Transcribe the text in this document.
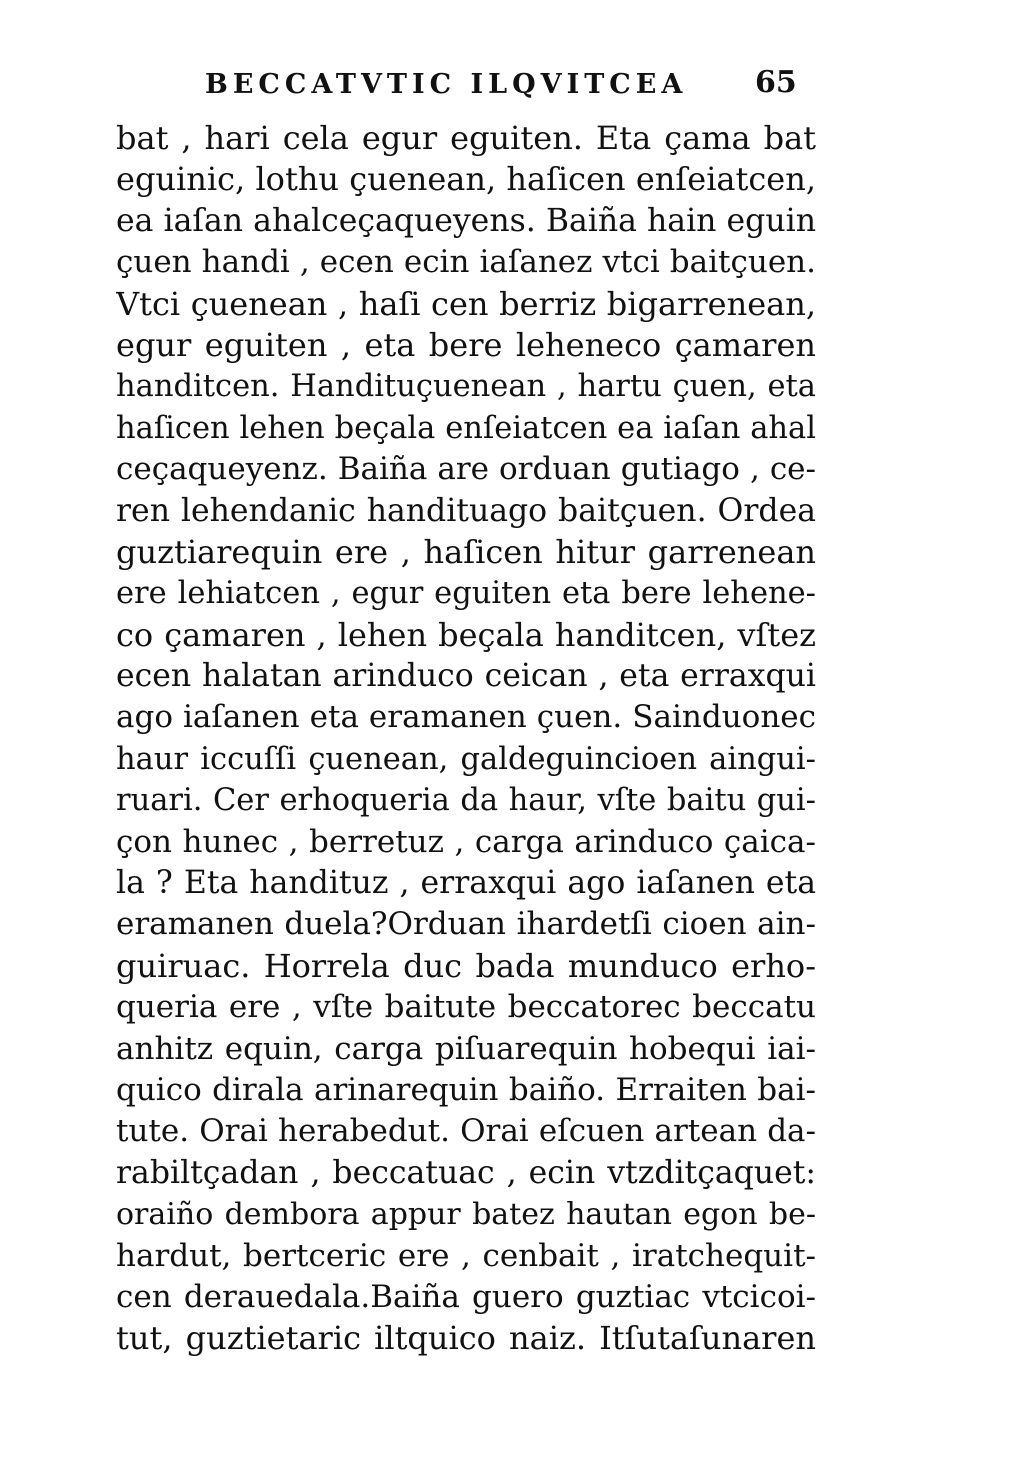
BECCATVTIC ILQVITCEA 65
bat , hari cela egur eguiten. Eta çama bat
eguinic, lothu çuenean, haſicen enſeiatcen,
ea iaſan ahalceçaqueyens. Baiña hain eguin
çuen handi , ecen ecin iaſanez vtci baitçuen.
Vtci çuenean , haſi cen berriz bigarrenean,
egur eguiten , eta bere leheneco çamaren
handitcen. Handituçuenean , hartu çuen, eta
haſicen lehen beçala enſeiatcen ea iaſan ahal
ceçaqueyenz. Baiña are orduan gutiago , ce-
ren lehendanic handituago baitçuen. Ordea
guztiarequin ere , haſicen hitur garrenean
ere lehiatcen , egur eguiten eta bere lehene-
co çamaren , lehen beçala handitcen, vſtez
ecen halatan arinduco ceican , eta erraxqui
ago iaſanen eta eramanen çuen. Sainduonec
haur iccuſſi çuenean, galdeguincioen aingui-
ruari. Cer erhoqueria da haur, vſte baitu gui-
çon hunec , berretuz , carga arinduco çaica-
la ? Eta handituz , erraxqui ago iaſanen eta
eramanen duela?Orduan ihardetſi cioen ain-
guiruac. Horrela duc bada munduco erho-
queria ere , vſte baitute beccatorec beccatu
anhitz equin, carga piſuarequin hobequi iai-
quico dirala arinarequin baiño. Erraiten bai-
tute. Orai herabedut. Orai eſcuen artean da-
rabiltçadan , beccatuac , ecin vtzditçaquet:
oraiño dembora appur batez hautan egon be-
hardut, bertceric ere , cenbait , iratchequit-
cen derauedala.Baiña guero guztiac vtcicoi-
tut, guztietaric iltquico naiz. Itſutaſunaren
